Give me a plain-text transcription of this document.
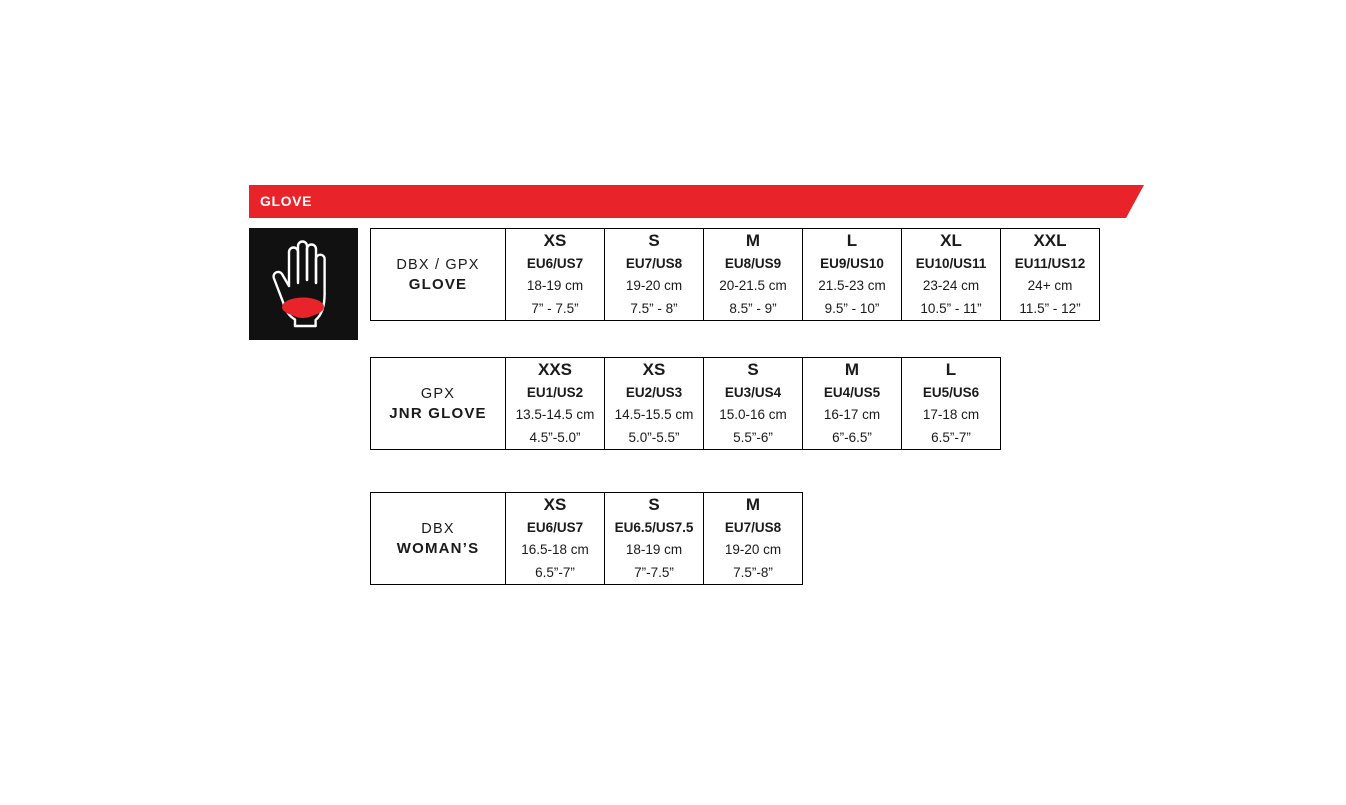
GLOVE
DBX / GPX
GLOVE

XS
EU6/US7
18-19 cm
7” - 7.5”

S
EU7/US8
19-20 cm
7.5” - 8”

M
EU8/US9
20-21.5 cm
8.5” - 9”

L
EU9/US10
21.5-23 cm
9.5” - 10”

XL
EU10/US11
23-24 cm
10.5” - 11”

XXL
EU11/US12
24+ cm
11.5” - 12”
GPX
JNR GLOVE

XXS
EU1/US2
13.5-14.5 cm
4.5”-5.0”

XS
EU2/US3
14.5-15.5 cm
5.0”-5.5”

S
EU3/US4
15.0-16 cm
5.5”-6”

M
EU4/US5
16-17 cm
6”-6.5”

L
EU5/US6
17-18 cm
6.5”-7”
DBX
WOMAN’S

XS
EU6/US7
16.5-18 cm
6.5”-7”

S
EU6.5/US7.5
18-19 cm
7”-7.5”

M
EU7/US8
19-20 cm
7.5”-8”
